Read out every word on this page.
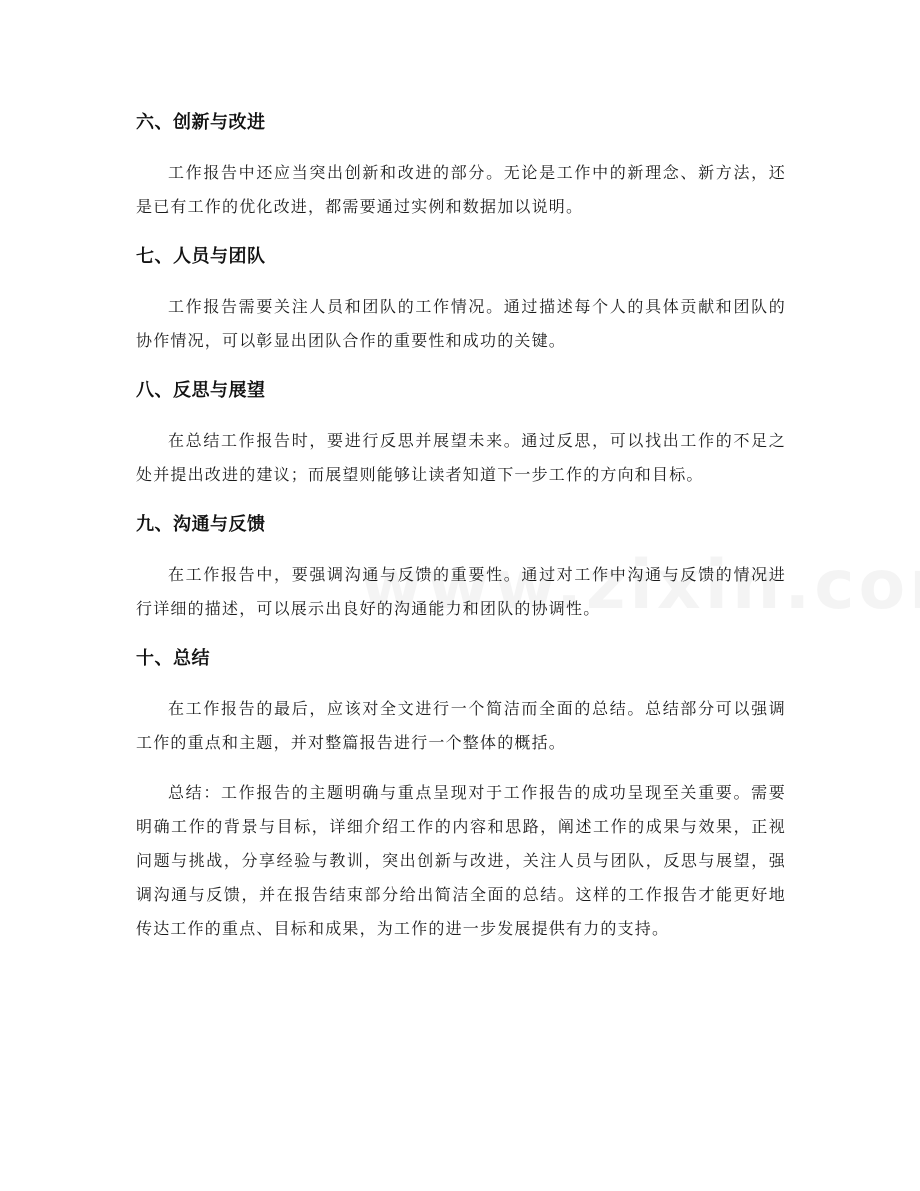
六、创新与改进

工作报告中还应当突出创新和改进的部分。无论是工作中的新理念、新方法，还是已有工作的优化改进，都需要通过实例和数据加以说明。

七、人员与团队

工作报告需要关注人员和团队的工作情况。通过描述每个人的具体贡献和团队的协作情况，可以彰显出团队合作的重要性和成功的关键。

八、反思与展望

在总结工作报告时，要进行反思并展望未来。通过反思，可以找出工作的不足之处并提出改进的建议；而展望则能够让读者知道下一步工作的方向和目标。

九、沟通与反馈

在工作报告中，要强调沟通与反馈的重要性。通过对工作中沟通与反馈的情况进行详细的描述，可以展示出良好的沟通能力和团队的协调性。

十、总结

在工作报告的最后，应该对全文进行一个简洁而全面的总结。总结部分可以强调工作的重点和主题，并对整篇报告进行一个整体的概括。

总结：工作报告的主题明确与重点呈现对于工作报告的成功呈现至关重要。需要明确工作的背景与目标，详细介绍工作的内容和思路，阐述工作的成果与效果，正视问题与挑战，分享经验与教训，突出创新与改进，关注人员与团队，反思与展望，强调沟通与反馈，并在报告结束部分给出简洁全面的总结。这样的工作报告才能更好地传达工作的重点、目标和成果，为工作的进一步发展提供有力的支持。
